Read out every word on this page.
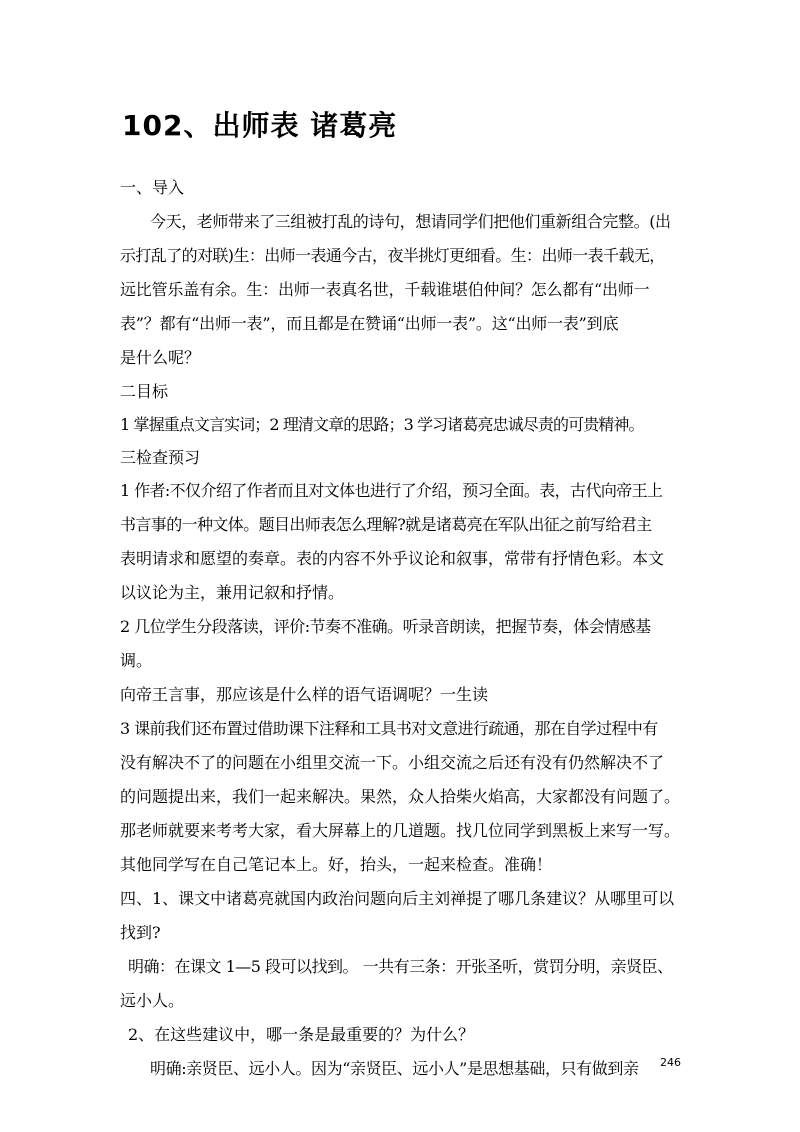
102、出师表 诸葛亮

一、导入

今天，老师带来了三组被打乱的诗句，想请同学们把他们重新组合完整。(出

示打乱了的对联)生：出师一表通今古，夜半挑灯更细看。生：出师一表千载无，

远比管乐盖有余。生：出师一表真名世，千载谁堪伯仲间？怎么都有“出师一

表”？都有“出师一表”，而且都是在赞诵“出师一表”。这“出师一表”到底

是什么呢？

二目标

1 掌握重点文言实词；2 理清文章的思路；3 学习诸葛亮忠诚尽责的可贵精神。

三检查预习

1 作者:不仅介绍了作者而且对文体也进行了介绍，预习全面。表，古代向帝王上

书言事的一种文体。题目出师表怎么理解?就是诸葛亮在军队出征之前写给君主

表明请求和愿望的奏章。表的内容不外乎议论和叙事，常带有抒情色彩。本文

以议论为主，兼用记叙和抒情。

2 几位学生分段落读，评价:节奏不准确。听录音朗读，把握节奏，体会情感基

调。

向帝王言事，那应该是什么样的语气语调呢？一生读

3 课前我们还布置过借助课下注释和工具书对文意进行疏通，那在自学过程中有

没有解决不了的问题在小组里交流一下。小组交流之后还有没有仍然解决不了

的问题提出来，我们一起来解决。果然，众人拾柴火焰高，大家都没有问题了。

那老师就要来考考大家，看大屏幕上的几道题。找几位同学到黑板上来写一写。

其他同学写在自己笔记本上。好，抬头，一起来检查。准确！

四、1、课文中诸葛亮就国内政治问题向后主刘禅提了哪几条建议？从哪里可以

找到?

明确：在课文 1—5 段可以找到。 一共有三条：开张圣听，赏罚分明，亲贤臣、

远小人。

2、在这些建议中，哪一条是最重要的？为什么？

明确:亲贤臣、远小人。因为“亲贤臣、远小人”是思想基础，只有做到亲	246
